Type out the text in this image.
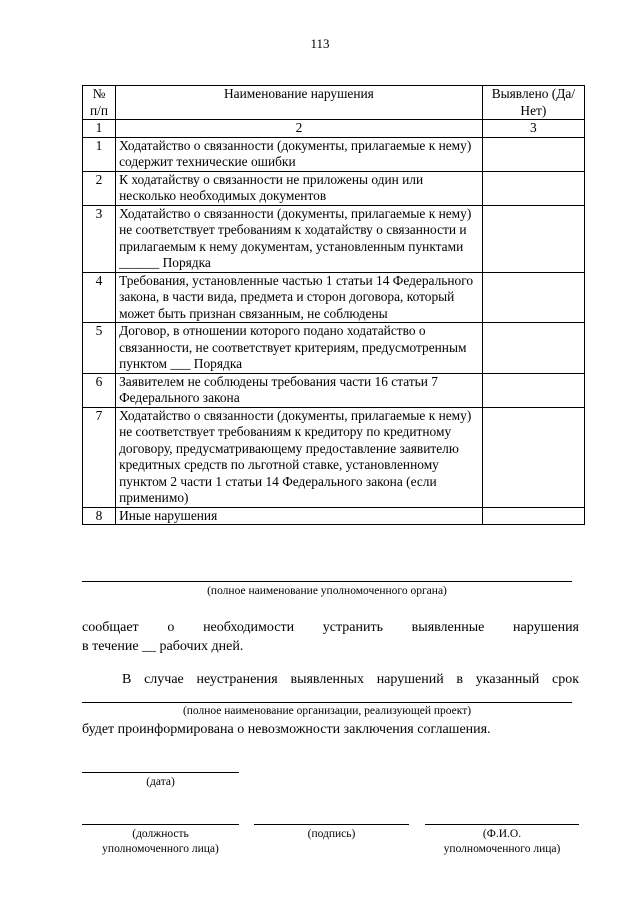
113
№ п/п	Наименование нарушения	Выявлено (Да/Нет)
1	2	3
1	Ходатайство о связанности (документы, прилагаемые к нему) содержит технические ошибки	
2	К ходатайству о связанности не приложены один или несколько необходимых документов	
3	Ходатайство о связанности (документы, прилагаемые к нему) не соответствует требованиям к ходатайству о связанности и прилагаемым к нему документам, установленным пунктами ______ Порядка	
4	Требования, установленные частью 1 статьи 14 Федерального закона, в части вида, предмета и сторон договора, который может быть признан связанным, не соблюдены	
5	Договор, в отношении которого подано ходатайство о связанности, не соответствует критериям, предусмотренным пунктом ___ Порядка	
6	Заявителем не соблюдены требования части 16 статьи 7 Федерального закона	
7	Ходатайство о связанности (документы, прилагаемые к нему) не соответствует требованиям к кредитору по кредитному договору, предусматривающему предоставление заявителю кредитных средств по льготной ставке, установленному пунктом 2 части 1 статьи 14 Федерального закона (если применимо)	
8	Иные нарушения	
(полное наименование уполномоченного органа)
сообщает о необходимости устранить выявленные нарушения
в течение __ рабочих дней.
В случае неустранения выявленных нарушений в указанный срок
(полное наименование организации, реализующей проект)
будет проинформирована о невозможности заключения соглашения.
(дата)
(должность
уполномоченного лица)
(подпись)	(Ф.И.О.
уполномоченного лица)
